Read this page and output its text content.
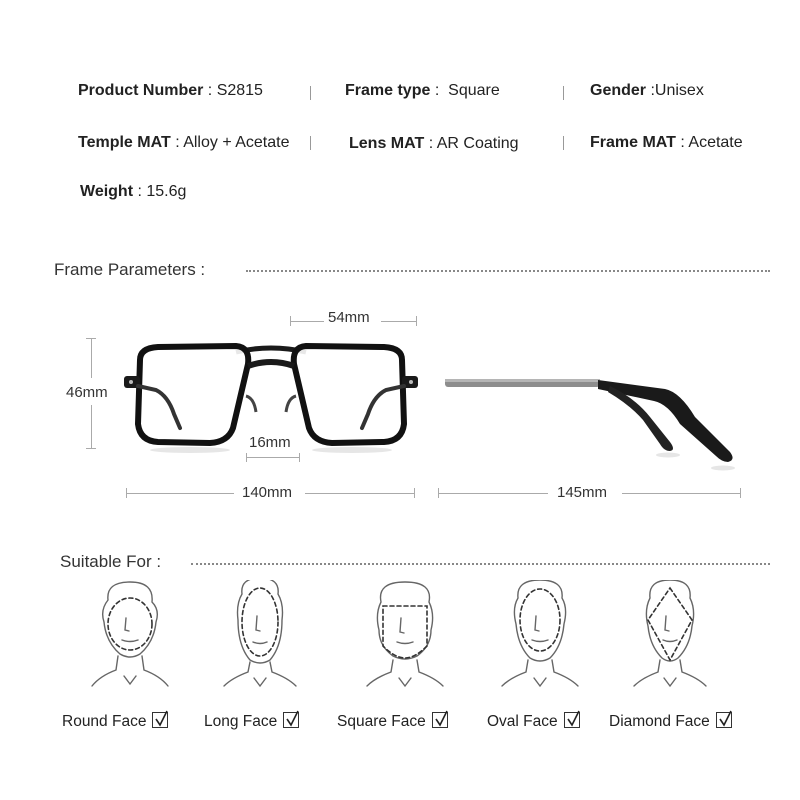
Product Number : S2815	Frame type :  Square	Gender :Unisex
Temple MAT : Alloy + Acetate	Lens MAT : AR Coating	Frame MAT : Acetate
Weight : 15.6g
Frame Parameters :
54mm
46mm
16mm
140mm	145mm
Suitable For :
Round Face	Long Face	Square Face	Oval Face	Diamond Face
